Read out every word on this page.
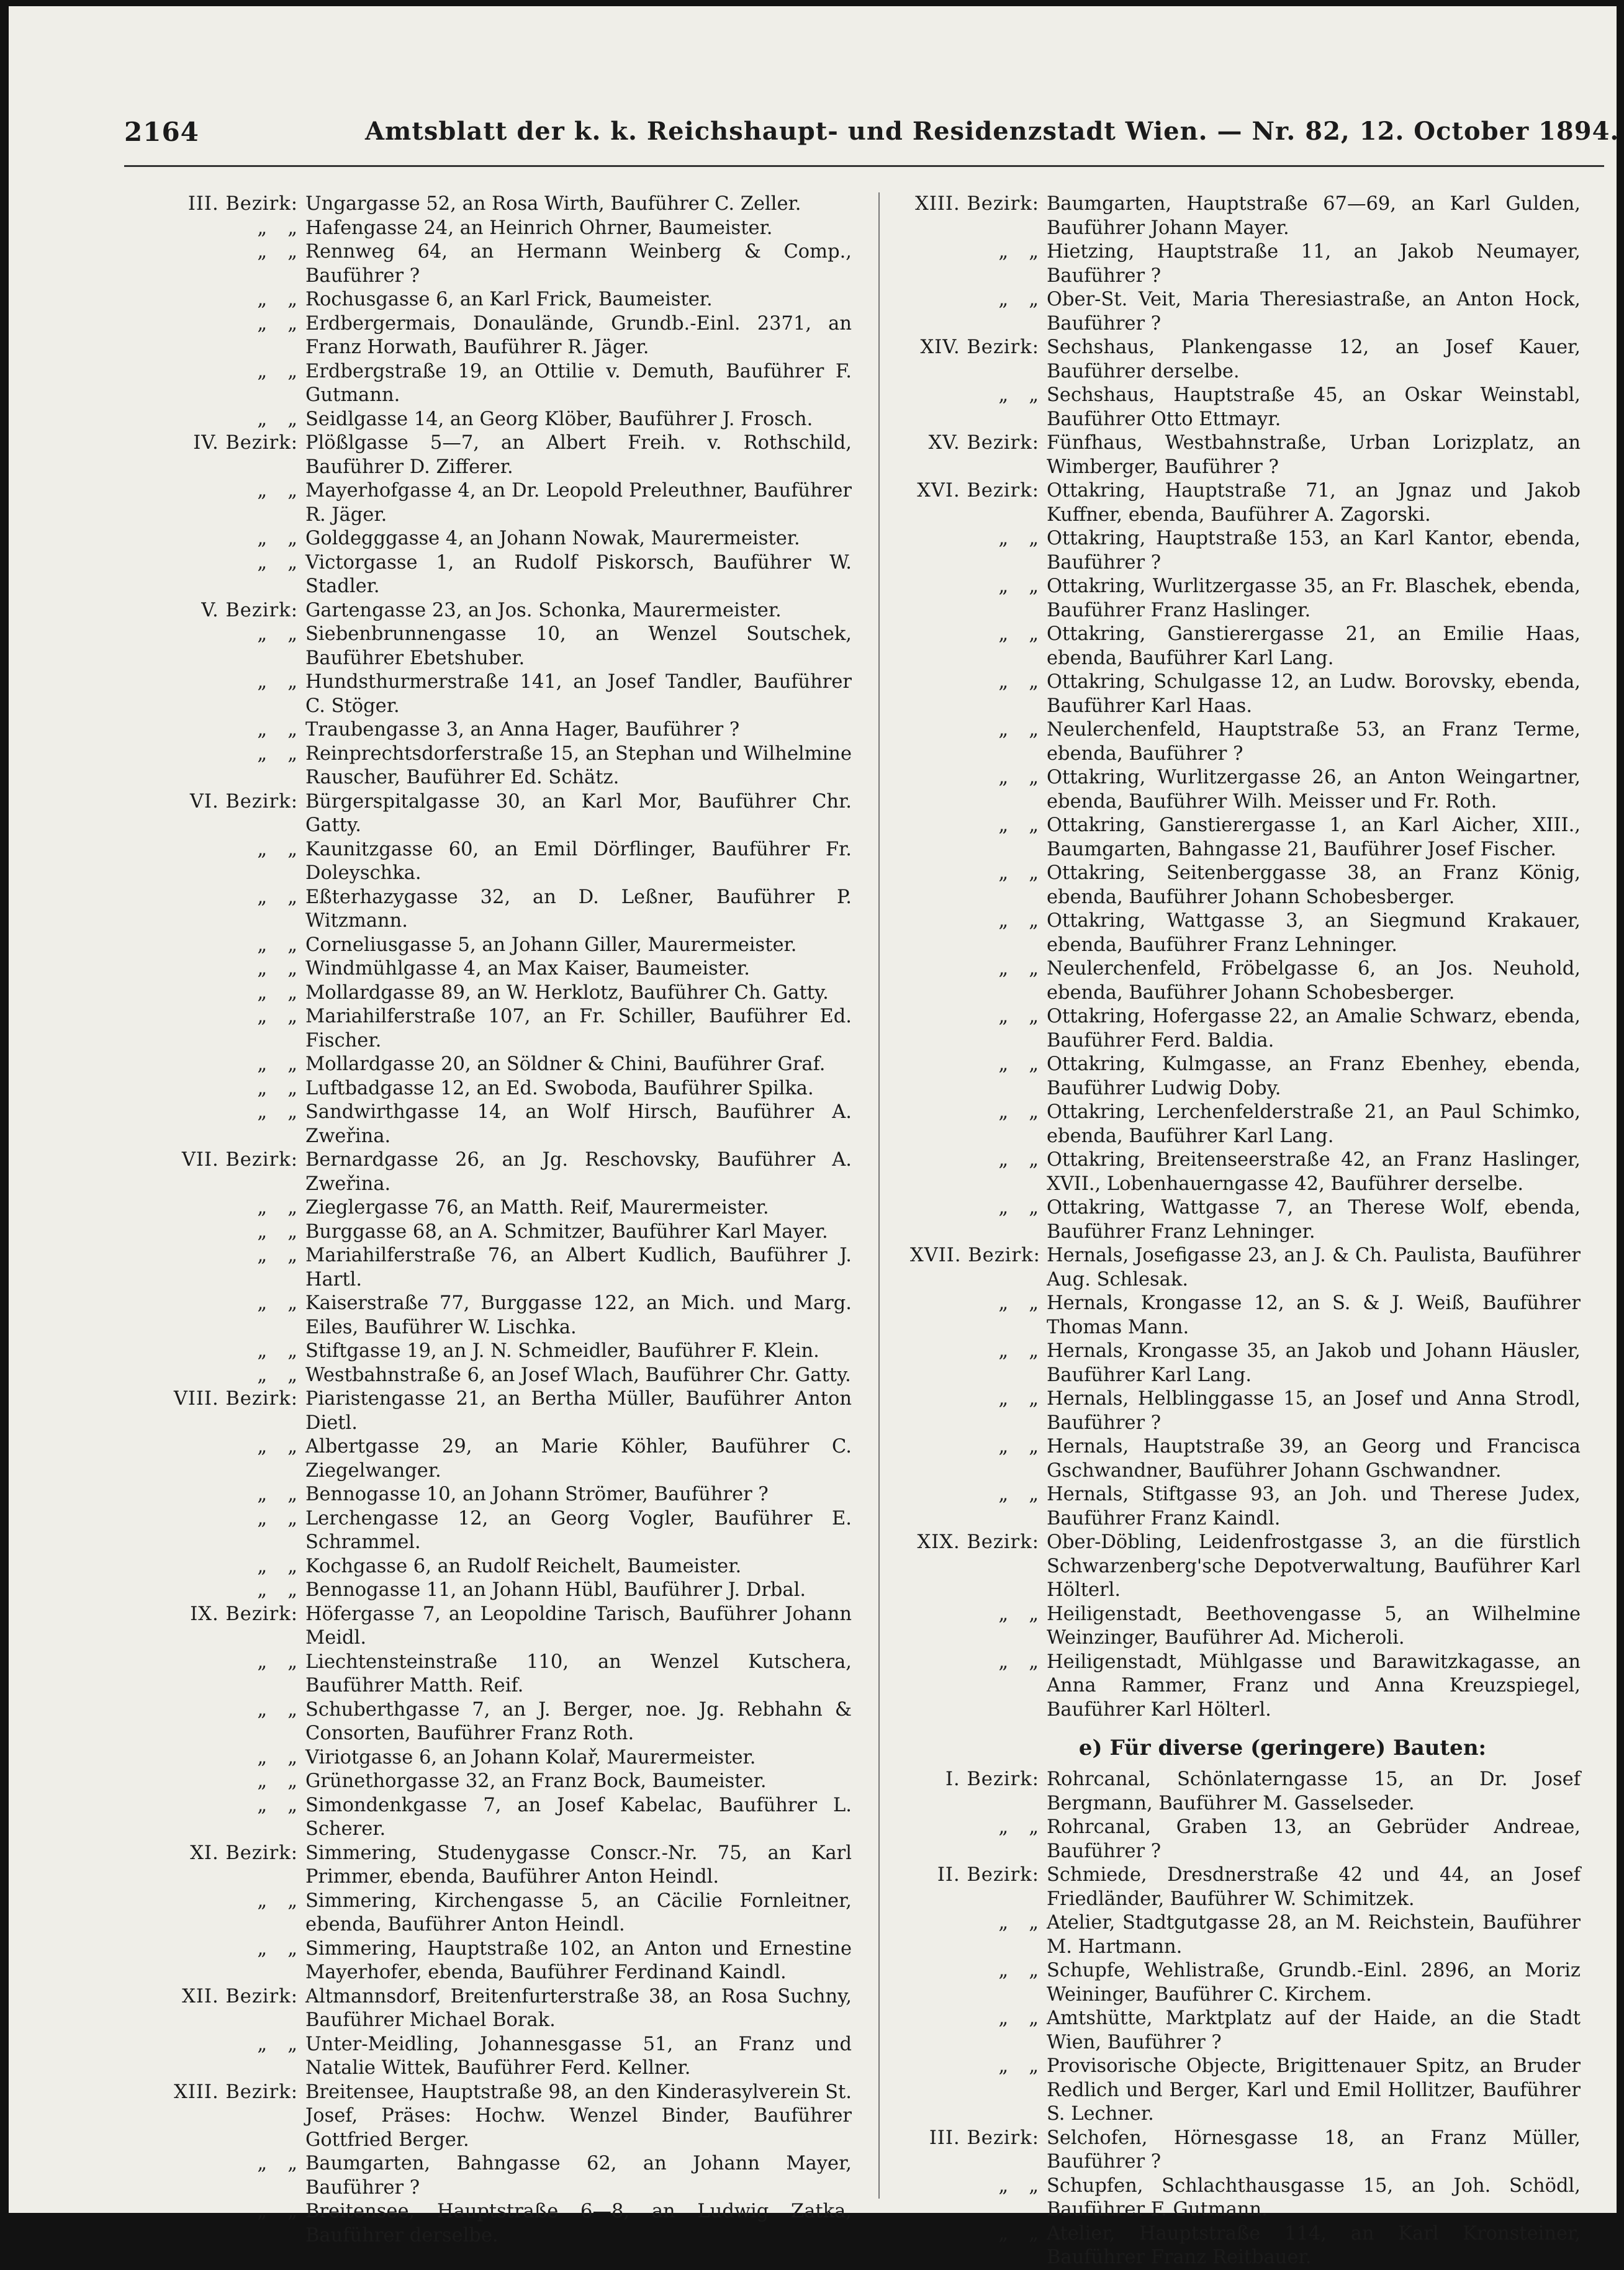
2164	Amtsblatt der k. k. Reichshaupt- und Residenzstadt Wien. — Nr. 82, 12. October 1894.
III. Bezirk: Ungargasse 52, an Rosa Wirth, Bauführer C. Zeller.
„   „ Hafengasse 24, an Heinrich Ohrner, Baumeister.
„   „ Rennweg 64, an Hermann Weinberg & Comp., Bauführer ?
„   „ Rochusgasse 6, an Karl Frick, Baumeister.
„   „ Erdbergermais, Donaulände, Grundb.-Einl. 2371, an Franz Horwath, Bauführer R. Jäger.
„   „ Erdbergstraße 19, an Ottilie v. Demuth, Bauführer F. Gutmann.
„   „ Seidlgasse 14, an Georg Klöber, Bauführer J. Frosch.
IV. Bezirk: Plößlgasse 5—7, an Albert Freih. v. Rothschild, Bauführer D. Zifferer.
„   „ Mayerhofgasse 4, an Dr. Leopold Preleuthner, Bauführer R. Jäger.
„   „ Goldegggasse 4, an Johann Nowak, Maurermeister.
„   „ Victorgasse 1, an Rudolf Piskorsch, Bauführer W. Stadler.
V. Bezirk: Gartengasse 23, an Jos. Schonka, Maurermeister.
„   „ Siebenbrunnengasse 10, an Wenzel Soutschek, Bauführer Ebetshuber.
„   „ Hundsthurmerstraße 141, an Josef Tandler, Bauführer C. Stöger.
„   „ Traubengasse 3, an Anna Hager, Bauführer ?
„   „ Reinprechtsdorferstraße 15, an Stephan und Wilhelmine Rauscher, Bauführer Ed. Schätz.
VI. Bezirk: Bürgerspitalgasse 30, an Karl Mor, Bauführer Chr. Gatty.
„   „ Kaunitzgasse 60, an Emil Dörflinger, Bauführer Fr. Doleyschka.
„   „ Eßterhazygasse 32, an D. Leßner, Bauführer P. Witzmann.
„   „ Corneliusgasse 5, an Johann Giller, Maurermeister.
„   „ Windmühlgasse 4, an Max Kaiser, Baumeister.
„   „ Mollardgasse 89, an W. Herklotz, Bauführer Ch. Gatty.
„   „ Mariahilferstraße 107, an Fr. Schiller, Bauführer Ed. Fischer.
„   „ Mollardgasse 20, an Söldner & Chini, Bauführer Graf.
„   „ Luftbadgasse 12, an Ed. Swoboda, Bauführer Spilka.
„   „ Sandwirthgasse 14, an Wolf Hirsch, Bauführer A. Zweřina.
VII. Bezirk: Bernardgasse 26, an Jg. Reschovsky, Bauführer A. Zweřina.
„   „ Zieglergasse 76, an Matth. Reif, Maurermeister.
„   „ Burggasse 68, an A. Schmitzer, Bauführer Karl Mayer.
„   „ Mariahilferstraße 76, an Albert Kudlich, Bauführer J. Hartl.
„   „ Kaiserstraße 77, Burggasse 122, an Mich. und Marg. Eiles, Bauführer W. Lischka.
„   „ Stiftgasse 19, an J. N. Schmeidler, Bauführer F. Klein.
„   „ Westbahnstraße 6, an Josef Wlach, Bauführer Chr. Gatty.
VIII. Bezirk: Piaristengasse 21, an Bertha Müller, Bauführer Anton Dietl.
„   „ Albertgasse 29, an Marie Köhler, Bauführer C. Ziegelwanger.
„   „ Bennogasse 10, an Johann Strömer, Bauführer ?
„   „ Lerchengasse 12, an Georg Vogler, Bauführer E. Schrammel.
„   „ Kochgasse 6, an Rudolf Reichelt, Baumeister.
„   „ Bennogasse 11, an Johann Hübl, Bauführer J. Drbal.
IX. Bezirk: Höfergasse 7, an Leopoldine Tarisch, Bauführer Johann Meidl.
„   „ Liechtensteinstraße 110, an Wenzel Kutschera, Bauführer Matth. Reif.
„   „ Schuberthgasse 7, an J. Berger, noe. Jg. Rebhahn & Consorten, Bauführer Franz Roth.
„   „ Viriotgasse 6, an Johann Kolař, Maurermeister.
„   „ Grünethorgasse 32, an Franz Bock, Baumeister.
„   „ Simondenkgasse 7, an Josef Kabelac, Bauführer L. Scherer.
XI. Bezirk: Simmering, Studenygasse Conscr.-Nr. 75, an Karl Primmer, ebenda, Bauführer Anton Heindl.
„   „ Simmering, Kirchengasse 5, an Cäcilie Fornleitner, ebenda, Bauführer Anton Heindl.
„   „ Simmering, Hauptstraße 102, an Anton und Ernestine Mayerhofer, ebenda, Bauführer Ferdinand Kaindl.
XII. Bezirk: Altmannsdorf, Breitenfurterstraße 38, an Rosa Suchny, Bauführer Michael Borak.
„   „ Unter-Meidling, Johannesgasse 51, an Franz und Natalie Wittek, Bauführer Ferd. Kellner.
XIII. Bezirk: Breitensee, Hauptstraße 98, an den Kinderasylverein St. Josef, Präses: Hochw. Wenzel Binder, Bauführer Gottfried Berger.
„   „ Baumgarten, Bahngasse 62, an Johann Mayer, Bauführer ?
„   „ Breitensee, Hauptstraße 6—8, an Ludwig Zatka, Bauführer derselbe.
XIII. Bezirk: Baumgarten, Hauptstraße 67—69, an Karl Gulden, Bauführer Johann Mayer.
„   „ Hietzing, Hauptstraße 11, an Jakob Neumayer, Bauführer ?
„   „ Ober-St. Veit, Maria Theresiastraße, an Anton Hock, Bauführer ?
XIV. Bezirk: Sechshaus, Plankengasse 12, an Josef Kauer, Bauführer derselbe.
„   „ Sechshaus, Hauptstraße 45, an Oskar Weinstabl, Bauführer Otto Ettmayr.
XV. Bezirk: Fünfhaus, Westbahnstraße, Urban Lorizplatz, an Wimberger, Bauführer ?
XVI. Bezirk: Ottakring, Hauptstraße 71, an Jgnaz und Jakob Kuffner, ebenda, Bauführer A. Zagorski.
„   „ Ottakring, Hauptstraße 153, an Karl Kantor, ebenda, Bauführer ?
„   „ Ottakring, Wurlitzergasse 35, an Fr. Blaschek, ebenda, Bauführer Franz Haslinger.
„   „ Ottakring, Ganstierergasse 21, an Emilie Haas, ebenda, Bauführer Karl Lang.
„   „ Ottakring, Schulgasse 12, an Ludw. Borovsky, ebenda, Bauführer Karl Haas.
„   „ Neulerchenfeld, Hauptstraße 53, an Franz Terme, ebenda, Bauführer ?
„   „ Ottakring, Wurlitzergasse 26, an Anton Weingartner, ebenda, Bauführer Wilh. Meisser und Fr. Roth.
„   „ Ottakring, Ganstierergasse 1, an Karl Aicher, XIII., Baumgarten, Bahngasse 21, Bauführer Josef Fischer.
„   „ Ottakring, Seitenberggasse 38, an Franz König, ebenda, Bauführer Johann Schobesberger.
„   „ Ottakring, Wattgasse 3, an Siegmund Krakauer, ebenda, Bauführer Franz Lehninger.
„   „ Neulerchenfeld, Fröbelgasse 6, an Jos. Neuhold, ebenda, Bauführer Johann Schobesberger.
„   „ Ottakring, Hofergasse 22, an Amalie Schwarz, ebenda, Bauführer Ferd. Baldia.
„   „ Ottakring, Kulmgasse, an Franz Ebenhey, ebenda, Bauführer Ludwig Doby.
„   „ Ottakring, Lerchenfelderstraße 21, an Paul Schimko, ebenda, Bauführer Karl Lang.
„   „ Ottakring, Breitenseerstraße 42, an Franz Haslinger, XVII., Lobenhauerngasse 42, Bauführer derselbe.
„   „ Ottakring, Wattgasse 7, an Therese Wolf, ebenda, Bauführer Franz Lehninger.
XVII. Bezirk: Hernals, Josefigasse 23, an J. & Ch. Paulista, Bauführer Aug. Schlesak.
„   „ Hernals, Krongasse 12, an S. & J. Weiß, Bauführer Thomas Mann.
„   „ Hernals, Krongasse 35, an Jakob und Johann Häusler, Bauführer Karl Lang.
„   „ Hernals, Helblinggasse 15, an Josef und Anna Strodl, Bauführer ?
„   „ Hernals, Hauptstraße 39, an Georg und Francisca Gschwandner, Bauführer Johann Gschwandner.
„   „ Hernals, Stiftgasse 93, an Joh. und Therese Judex, Bauführer Franz Kaindl.
XIX. Bezirk: Ober-Döbling, Leidenfrostgasse 3, an die fürstlich Schwarzenberg'sche Depotverwaltung, Bauführer Karl Hölterl.
„   „ Heiligenstadt, Beethovengasse 5, an Wilhelmine Weinzinger, Bauführer Ad. Micheroli.
„   „ Heiligenstadt, Mühlgasse und Barawitzkagasse, an Anna Rammer, Franz und Anna Kreuzspiegel, Bauführer Karl Hölterl.
e) Für diverse (geringere) Bauten:
I. Bezirk: Rohrcanal, Schönlaterngasse 15, an Dr. Josef Bergmann, Bauführer M. Gasselseder.
„   „ Rohrcanal, Graben 13, an Gebrüder Andreae, Bauführer ?
II. Bezirk: Schmiede, Dresdnerstraße 42 und 44, an Josef Friedländer, Bauführer W. Schimitzek.
„   „ Atelier, Stadtgutgasse 28, an M. Reichstein, Bauführer M. Hartmann.
„   „ Schupfe, Wehlistraße, Grundb.-Einl. 2896, an Moriz Weininger, Bauführer C. Kirchem.
„   „ Amtshütte, Marktplatz auf der Haide, an die Stadt Wien, Bauführer ?
„   „ Provisorische Objecte, Brigittenauer Spitz, an Bruder Redlich und Berger, Karl und Emil Hollitzer, Bauführer S. Lechner.
III. Bezirk: Selchofen, Hörnesgasse 18, an Franz Müller, Bauführer ?
„   „ Schupfen, Schlachthausgasse 15, an Joh. Schödl, Bauführer F. Gutmann.
„   „ Atelier, Hauptstraße 114, an Karl Kronsteiner, Bauführer Franz Reitbauer.
